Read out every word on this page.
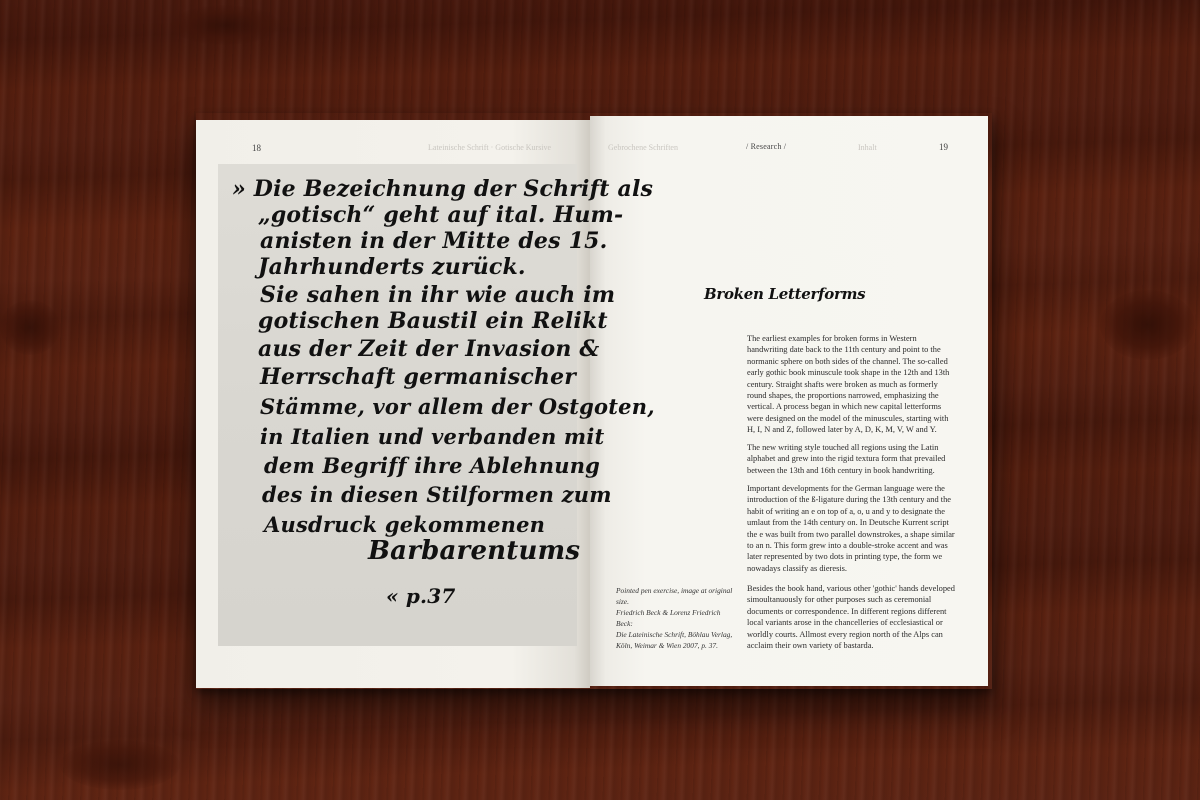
18	Lateinische Schrift · Gotische Kursive	Gebrochene Schriften	Inhalt
» Die Bezeichnung der Schrift als
„gotisch“ geht auf ital. Hum-
anisten in der Mitte des 15.
Jahrhunderts zurück.
Sie sahen in ihr wie auch im
gotischen Baustil ein Relikt
aus der Zeit der Invasion &
Herrschaft germanischer
Stämme, vor allem der Ostgoten,
in Italien und verbanden mit
dem Begriff ihre Ablehnung
des in diesen Stilformen zum
Ausdruck gekommenen
Barbarentums
« p.37
/ Research /	19
Broken Letterforms
The earliest examples for broken forms in Western handwriting date back to the 11th century and point to the normanic sphere on both sides of the channel. The so-called early gothic book minuscule took shape in the 12th and 13th century. Straight shafts were broken as much as formerly round shapes, the proportions narrowed, emphasizing the vertical. A process began in which new capital letterforms were designed on the model of the minuscules, starting with H, I, N and Z, followed later by A, D, K, M, V, W and Y.
The new writing style touched all regions using the Latin alphabet and grew into the rigid textura form that prevailed between the 13th and 16th century in book handwriting.
Important developments for the German language were the introduction of the ß-ligature during the 13th century and the habit of writing an e on top of a, o, u and y to designate the umlaut from the 14th century on. In Deutsche Kurrent script the e was built from two parallel downstrokes, a shape similar to an n. This form grew into a double-stroke accent and was later represented by two dots in printing type, the form we nowadays classify as dieresis.
Besides the book hand, various other 'gothic' hands developed simoultanuously for other purposes such as ceremonial documents or correspondence. In different regions different local variants arose in the chancelleries of ecclesiastical or worldly courts. Allmost every region north of the Alps can acclaim their own variety of bastarda.
Pointed pen exercise, image at original size.
Friedrich Beck & Lorenz Friedrich Beck:
Die Lateinische Schrift, Böhlau Verlag,
Köln, Weimar & Wien 2007, p. 37.
